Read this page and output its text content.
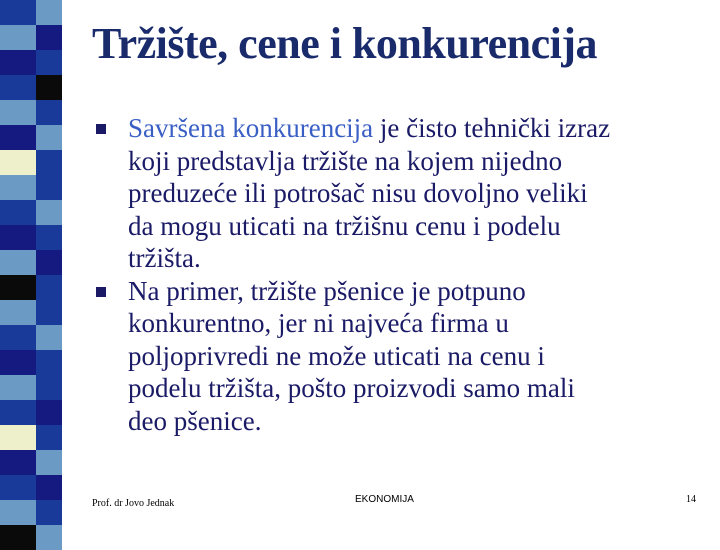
Tržište, cene i konkurencija
Savršena konkurencija je čisto tehnički izraz
koji predstavlja tržište na kojem nijedno
preduzeće ili potrošač nisu dovoljno veliki
da mogu uticati na tržišnu cenu i podelu
tržišta.
Na primer, tržište pšenice je potpuno
konkurentno, jer ni najveća firma u
poljoprivredi ne može uticati na cenu i
podelu tržišta, pošto proizvodi samo mali
deo pšenice.
Prof. dr Jovo Jednak	EKONOMIJA	14
